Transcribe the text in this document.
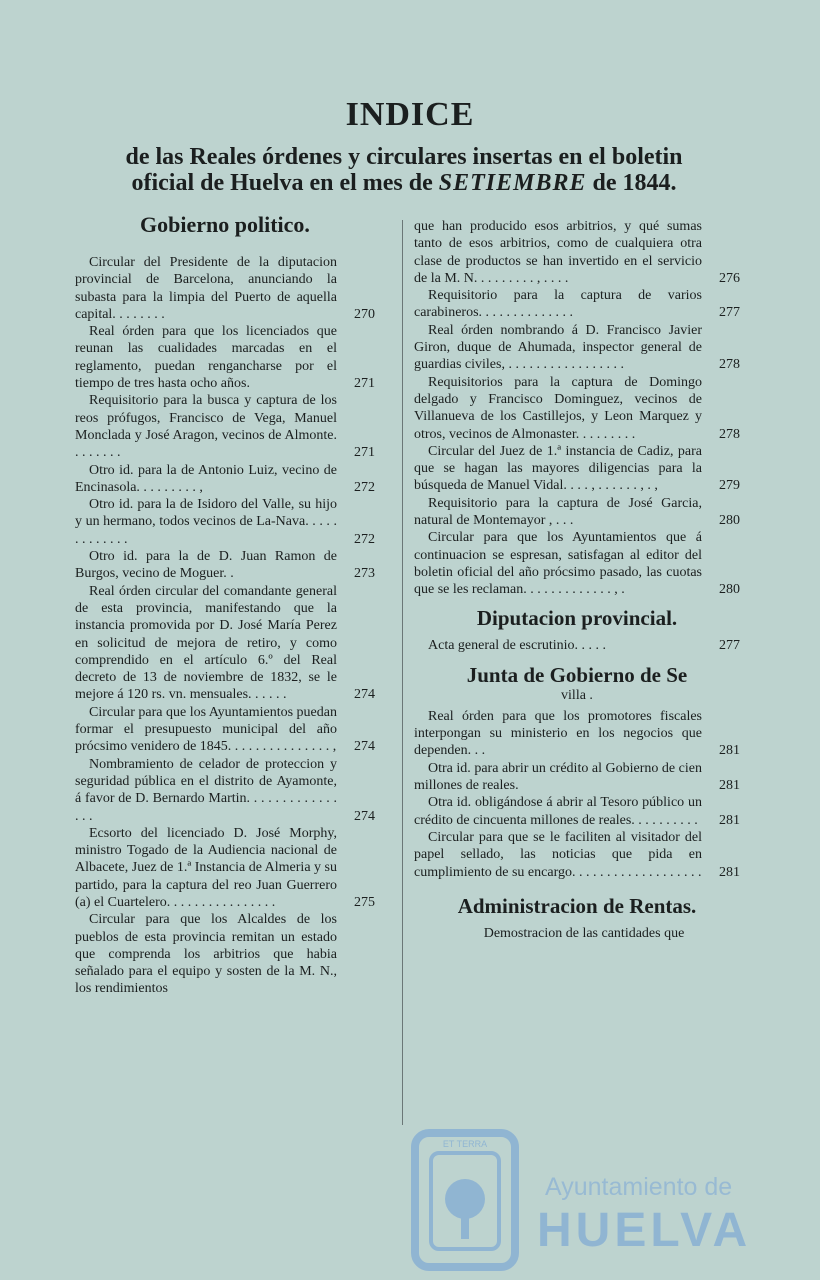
INDICE
de las Reales órdenes y circulares insertas en el boletin
oficial de Huelva en el mes de SETIEMBRE de 1844.
Gobierno politico.
Circular del Presidente de la diputacion provincial de Barcelona, anunciando la subasta para la limpia del Puerto de aquella capital. . . . . . . .	270
Real órden para que los licenciados que reunan las cualidades marcadas en el reglamento, puedan rengancharse por el tiempo de tres hasta ocho años.	271
Requisitorio para la busca y captura de los reos prófugos, Francisco de Vega, Manuel Monclada y José Aragon, vecinos de Almonte. . . . . . . .	271
Otro id. para la de Antonio Luiz, vecino de Encinasola. . . . . . . . . ,	272
Otro id. para la de Isidoro del Valle, su hijo y un hermano, todos vecinos de La-Nava. . . . . . . . . . . . .	272
Otro id. para la de D. Juan Ramon de Burgos, vecino de Moguer. .	273
Real órden circular del comandante general de esta provincia, manifestando que la instancia promovida por D. José María Perez en solicitud de mejora de retiro, y como comprendido en el artículo 6.º del Real decreto de 13 de noviembre de 1832, se le mejore á 120 rs. vn. mensuales. . . . . .	274
Circular para que los Ayuntamientos puedan formar el presupuesto municipal del año prócsimo venidero de 1845. . . . . . . . . . . . . . . ,	274
Nombramiento de celador de proteccion y seguridad pública en el distrito de Ayamonte, á favor de D. Bernardo Martin. . . . . . . . . . . . . . . .	274
Ecsorto del licenciado D. José Morphy, ministro Togado de la Audiencia nacional de Albacete, Juez de 1.ª Instancia de Almeria y su partido, para la captura del reo Juan Guerrero (a) el Cuartelero. . . . . . . . . . . . . . . .	275
Circular para que los Alcaldes de los pueblos de esta provincia remitan un estado que comprenda los arbitrios que habia señalado para el equipo y sosten de la M. N., los rendimientos
que han producido esos arbitrios, y qué sumas tanto de esos arbitrios, como de cualquiera otra clase de productos se han invertido en el servicio de la M. N. . . . . . . . . , . . . .	276
Requisitorio para la captura de varios carabineros. . . . . . . . . . . . . .	277
Real órden nombrando á D. Francisco Javier Giron, duque de Ahumada, inspector general de guardias civiles, . . . . . . . . . . . . . . . . .	278
Requisitorios para la captura de Domingo delgado y Francisco Dominguez, vecinos de Villanueva de los Castillejos, y Leon Marquez y otros, vecinos de Almonaster. . . . . . . . .	278
Circular del Juez de 1.ª instancia de Cadiz, para que se hagan las mayores diligencias para la búsqueda de Manuel Vidal. . . . , . . . . . . , . ,	279
Requisitorio para la captura de José Garcia, natural de Montemayor , . . .	280
Circular para que los Ayuntamientos que á continuacion se espresan, satisfagan al editor del boletin oficial del año prócsimo pasado, las cuotas que se les reclaman. . . . . . . . . . . . . , .	280
Diputacion provincial.
Acta general de escrutinio. . . . .	277
Junta de Gobierno de Se
villa .
Real órden para que los promotores fiscales interpongan su ministerio en los negocios que dependen. . .	281
Otra id. para abrir un crédito al Gobierno de cien millones de reales.	281
Otra id. obligándose á abrir al Tesoro público un crédito de cincuenta millones de reales. . . . . . . . . .	281
Circular para que se le faciliten al visitador del papel sellado, las noticias que pida en cumplimiento de su encargo. . . . . . . . . . . . . . . . . . .	281
Administracion de Rentas.
Demostracion de las cantidades que
ET TERRA
Ayuntamiento de
HUELVA
